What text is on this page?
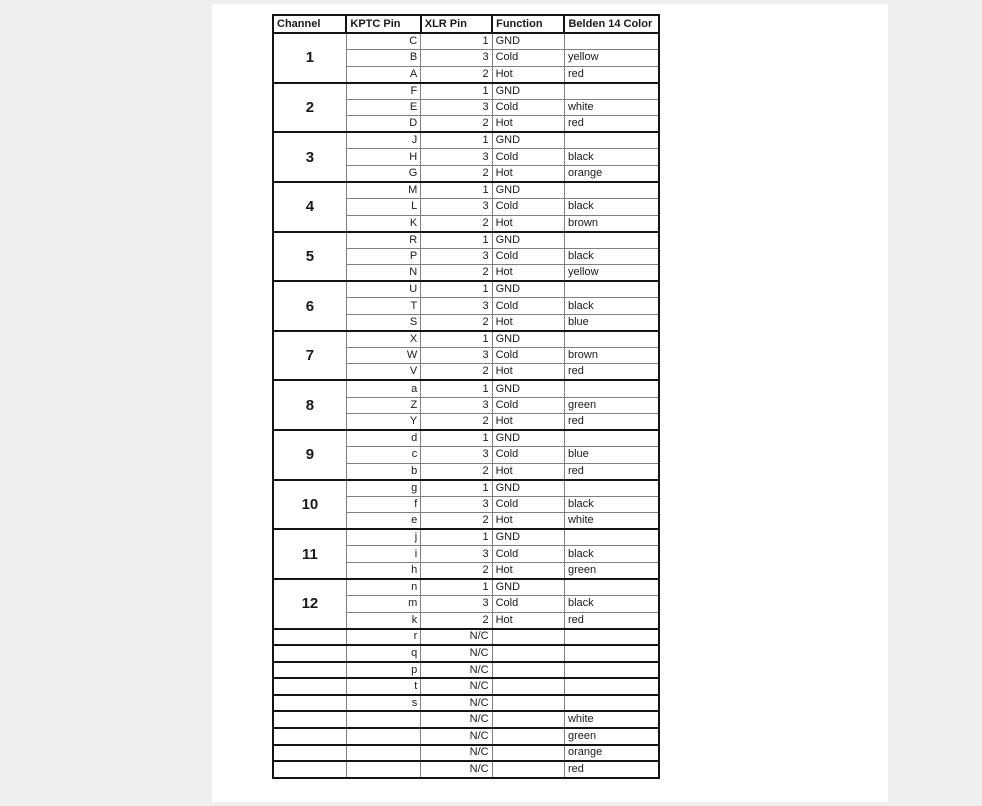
Channel	KPTC Pin	XLR Pin	Function	Belden 14 Color
1	C	1	GND	
	B	3	Cold	yellow
	A	2	Hot	red
2	F	1	GND	
	E	3	Cold	white
	D	2	Hot	red
3	J	1	GND	
	H	3	Cold	black
	G	2	Hot	orange
4	M	1	GND	
	L	3	Cold	black
	K	2	Hot	brown
5	R	1	GND	
	P	3	Cold	black
	N	2	Hot	yellow
6	U	1	GND	
	T	3	Cold	black
	S	2	Hot	blue
7	X	1	GND	
	W	3	Cold	brown
	V	2	Hot	red
8	a	1	GND	
	Z	3	Cold	green
	Y	2	Hot	red
9	d	1	GND	
	c	3	Cold	blue
	b	2	Hot	red
10	g	1	GND	
	f	3	Cold	black
	e	2	Hot	white
11	j	1	GND	
	i	3	Cold	black
	h	2	Hot	green
12	n	1	GND	
	m	3	Cold	black
	k	2	Hot	red
	r	N/C		
	q	N/C		
	p	N/C		
	t	N/C		
	s	N/C		
		N/C		white
		N/C		green
		N/C		orange
		N/C		red
